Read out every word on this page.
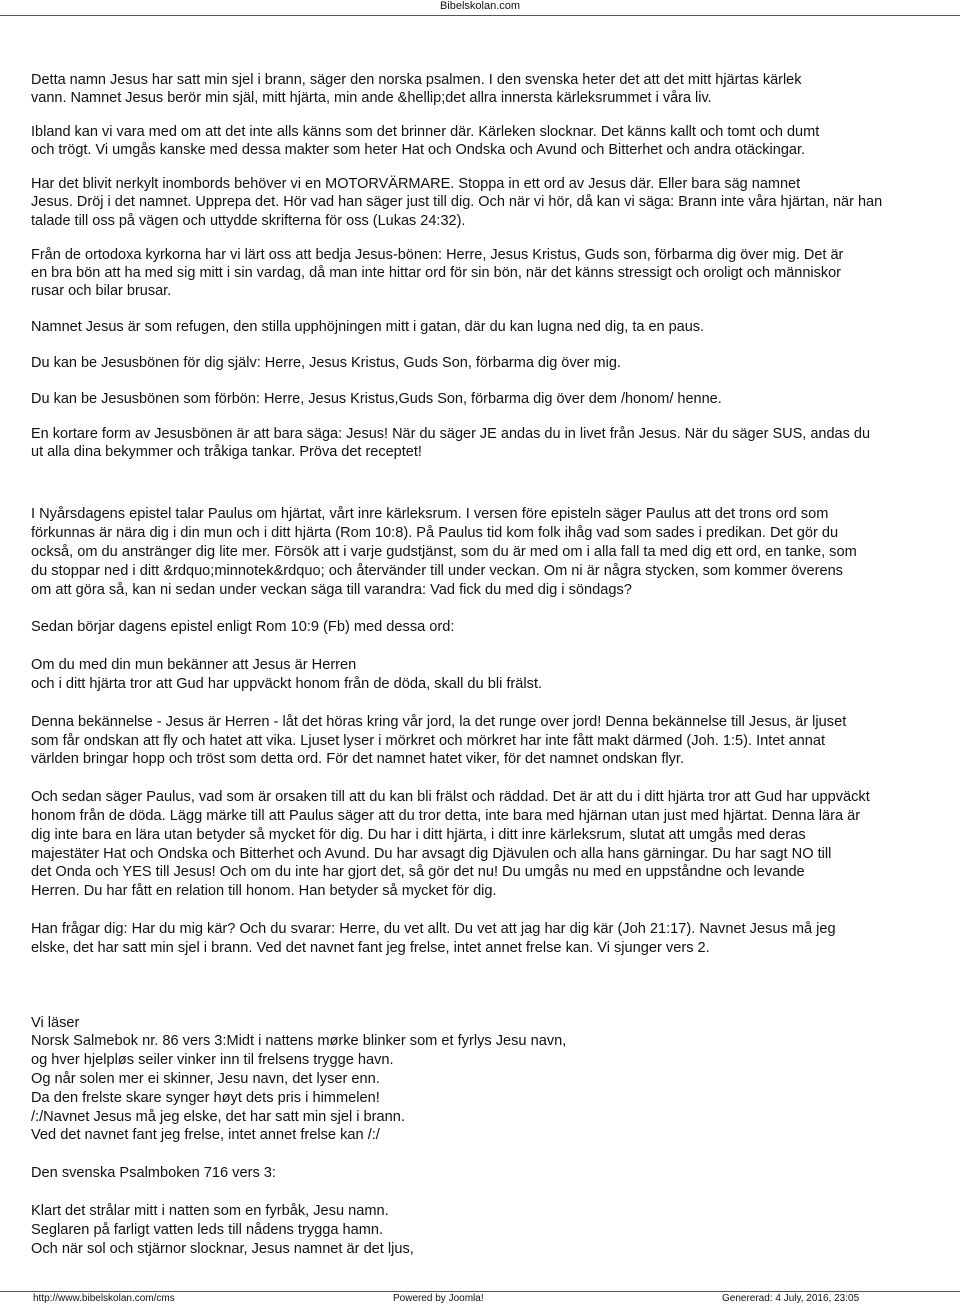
Bibelskolan.com
Detta namn Jesus har satt min sjel i brann, säger den norska psalmen. I den svenska heter det att det mitt hjärtas kärlek
vann. Namnet Jesus berör min själ, mitt hjärta, min ande &hellip;det allra innersta kärleksrummet i våra liv.
Ibland kan vi vara med om att det inte alls känns som det brinner där. Kärleken slocknar. Det känns kallt och tomt och dumt
och trögt. Vi umgås kanske med dessa makter som heter Hat och Ondska och Avund och Bitterhet och andra otäckingar.
Har det blivit nerkylt inombords behöver vi en MOTORVÄRMARE. Stoppa in ett ord av Jesus där. Eller bara säg namnet
Jesus. Dröj i det namnet. Upprepa det. Hör vad han säger just till dig. Och när vi hör, då kan vi säga: Brann inte våra hjärtan, när han
talade till oss på vägen och uttydde skrifterna för oss (Lukas 24:32).
Från de ortodoxa kyrkorna har vi lärt oss att bedja Jesus-bönen: Herre, Jesus Kristus, Guds son, förbarma dig över mig. Det är
en bra bön att ha med sig mitt i sin vardag, då man inte hittar ord för sin bön, när det känns stressigt och oroligt och människor
rusar och bilar brusar.
Namnet Jesus är som refugen, den stilla upphöjningen mitt i gatan, där du kan lugna ned dig, ta en paus.
Du kan be Jesusbönen för dig själv: Herre, Jesus Kristus, Guds Son, förbarma dig över mig.
Du kan be Jesusbönen som förbön: Herre, Jesus Kristus,Guds Son, förbarma dig över dem /honom/ henne.
En kortare form av Jesusbönen är att bara säga: Jesus! När du säger JE andas du in livet från Jesus. När du säger SUS, andas du
ut alla dina bekymmer och tråkiga tankar. Pröva det receptet!
I Nyårsdagens epistel talar Paulus om hjärtat, vårt inre kärleksrum. I versen före episteln säger Paulus att det trons ord som
förkunnas är nära dig i din mun och i ditt hjärta (Rom 10:8). På Paulus tid kom folk ihåg vad som sades i predikan. Det gör du
också, om du anstränger dig lite mer. Försök att i varje gudstjänst, som du är med om i alla fall ta med dig ett ord, en tanke, som
du stoppar ned i ditt &rdquo;minnotek&rdquo; och återvänder till under veckan. Om ni är några stycken, som kommer överens
om att göra så, kan ni sedan under veckan säga till varandra: Vad fick du med dig i söndags?
Sedan börjar dagens epistel enligt Rom 10:9 (Fb) med dessa ord:
Om du med din mun bekänner att Jesus är Herren
och i ditt hjärta tror att Gud har uppväckt honom från de döda, skall du bli frälst.
Denna bekännelse - Jesus är Herren - låt det höras kring vår jord, la det runge over jord! Denna bekännelse till Jesus, är ljuset
som får ondskan att fly och hatet att vika. Ljuset lyser i mörkret och mörkret har inte fått makt därmed (Joh. 1:5). Intet annat
världen bringar hopp och tröst som detta ord. För det namnet hatet viker, för det namnet ondskan flyr.
Och sedan säger Paulus, vad som är orsaken till att du kan bli frälst och räddad. Det är att du i ditt hjärta tror att Gud har uppväckt
honom från de döda. Lägg märke till att Paulus säger att du tror detta, inte bara med hjärnan utan just med hjärtat. Denna lära är
dig inte bara en lära utan betyder så mycket för dig. Du har i ditt hjärta, i ditt inre kärleksrum, slutat att umgås med deras
majestäter Hat och Ondska och Bitterhet och Avund. Du har avsagt dig Djävulen och alla hans gärningar. Du har sagt NO till
det Onda och YES till Jesus! Och om du inte har gjort det, så gör det nu! Du umgås nu med en uppståndne och levande
Herren. Du har fått en relation till honom. Han betyder så mycket för dig.
Han frågar dig: Har du mig kär? Och du svarar: Herre, du vet allt. Du vet att jag har dig kär (Joh 21:17). Navnet Jesus må jeg
elske, det har satt min sjel i brann. Ved det navnet fant jeg frelse, intet annet frelse kan. Vi sjunger vers 2.
Vi läser
Norsk Salmebok nr. 86 vers 3:Midt i nattens mørke blinker som et fyrlys Jesu navn,
og hver hjelpløs seiler vinker inn til frelsens trygge havn.
Og når solen mer ei skinner, Jesu navn, det lyser enn.
Da den frelste skare synger høyt dets pris i himmelen!
/:/Navnet Jesus må jeg elske, det har satt min sjel i brann.
Ved det navnet fant jeg frelse, intet annet frelse kan /:/
Den svenska Psalmboken 716 vers 3:
Klart det strålar mitt i natten som en fyrbåk, Jesu namn.
Seglaren på farligt vatten leds till nådens trygga hamn.
Och när sol och stjärnor slocknar, Jesus namnet är det ljus,
http://www.bibelskolan.com/cms	Powered by Joomla!	Genererad: 4 July, 2016, 23:05
